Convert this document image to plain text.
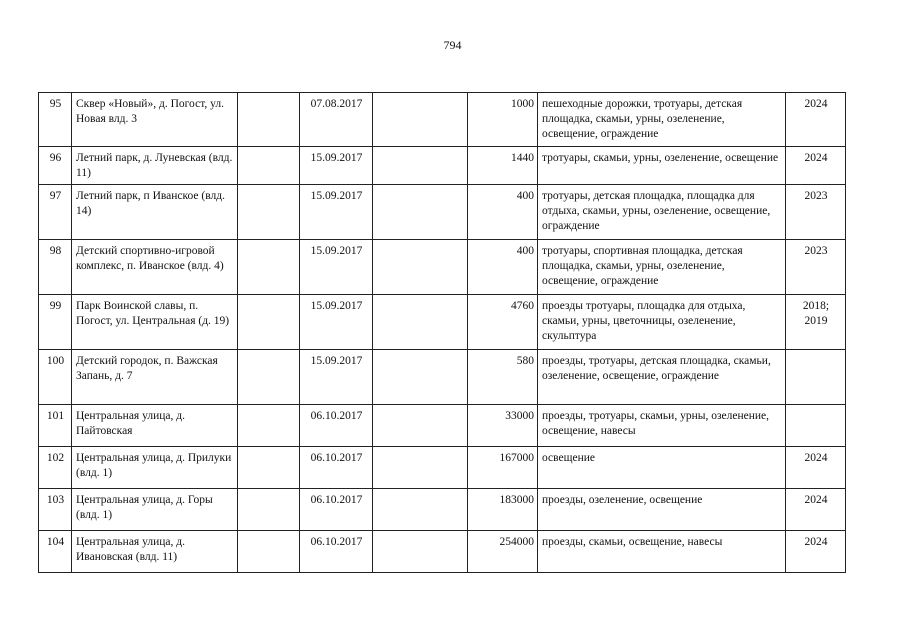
794
95	Сквер «Новый», д. Погост, ул. Новая влд. 3		07.08.2017		1000	пешеходные дорожки, тротуары, детская площадка, скамьи, урны, озеленение, освещение, ограждение	2024
96	Летний парк, д. Луневская (влд. 11)		15.09.2017		1440	тротуары, скамьи, урны, озеленение, освещение	2024
97	Летний парк, п Иванское (влд. 14)		15.09.2017		400	тротуары, детская площадка, площадка для отдыха, скамьи, урны, озеленение, освещение, ограждение	2023
98	Детский спортивно-игровой комплекс, п. Иванское (влд. 4)		15.09.2017		400	тротуары, спортивная площадка, детская площадка, скамьи, урны, озеленение, освещение, ограждение	2023
99	Парк Воинской славы, п. Погост, ул. Центральная (д. 19)		15.09.2017		4760	проезды тротуары, площадка для отдыха, скамьи, урны, цветочницы, озеленение, скульптура	2018; 2019
100	Детский городок, п. Важская Запань, д. 7		15.09.2017		580	проезды, тротуары, детская площадка, скамьи, озеленение, освещение, ограждение	
101	Центральная улица, д. Пайтовская		06.10.2017		33000	проезды, тротуары, скамьи, урны, озеленение, освещение, навесы	
102	Центральная улица, д. Прилуки (влд. 1)		06.10.2017		167000	освещение	2024
103	Центральная улица, д. Горы (влд. 1)		06.10.2017		183000	проезды, озеленение, освещение	2024
104	Центральная улица, д. Ивановская (влд. 11)		06.10.2017		254000	проезды, скамьи, освещение, навесы	2024
